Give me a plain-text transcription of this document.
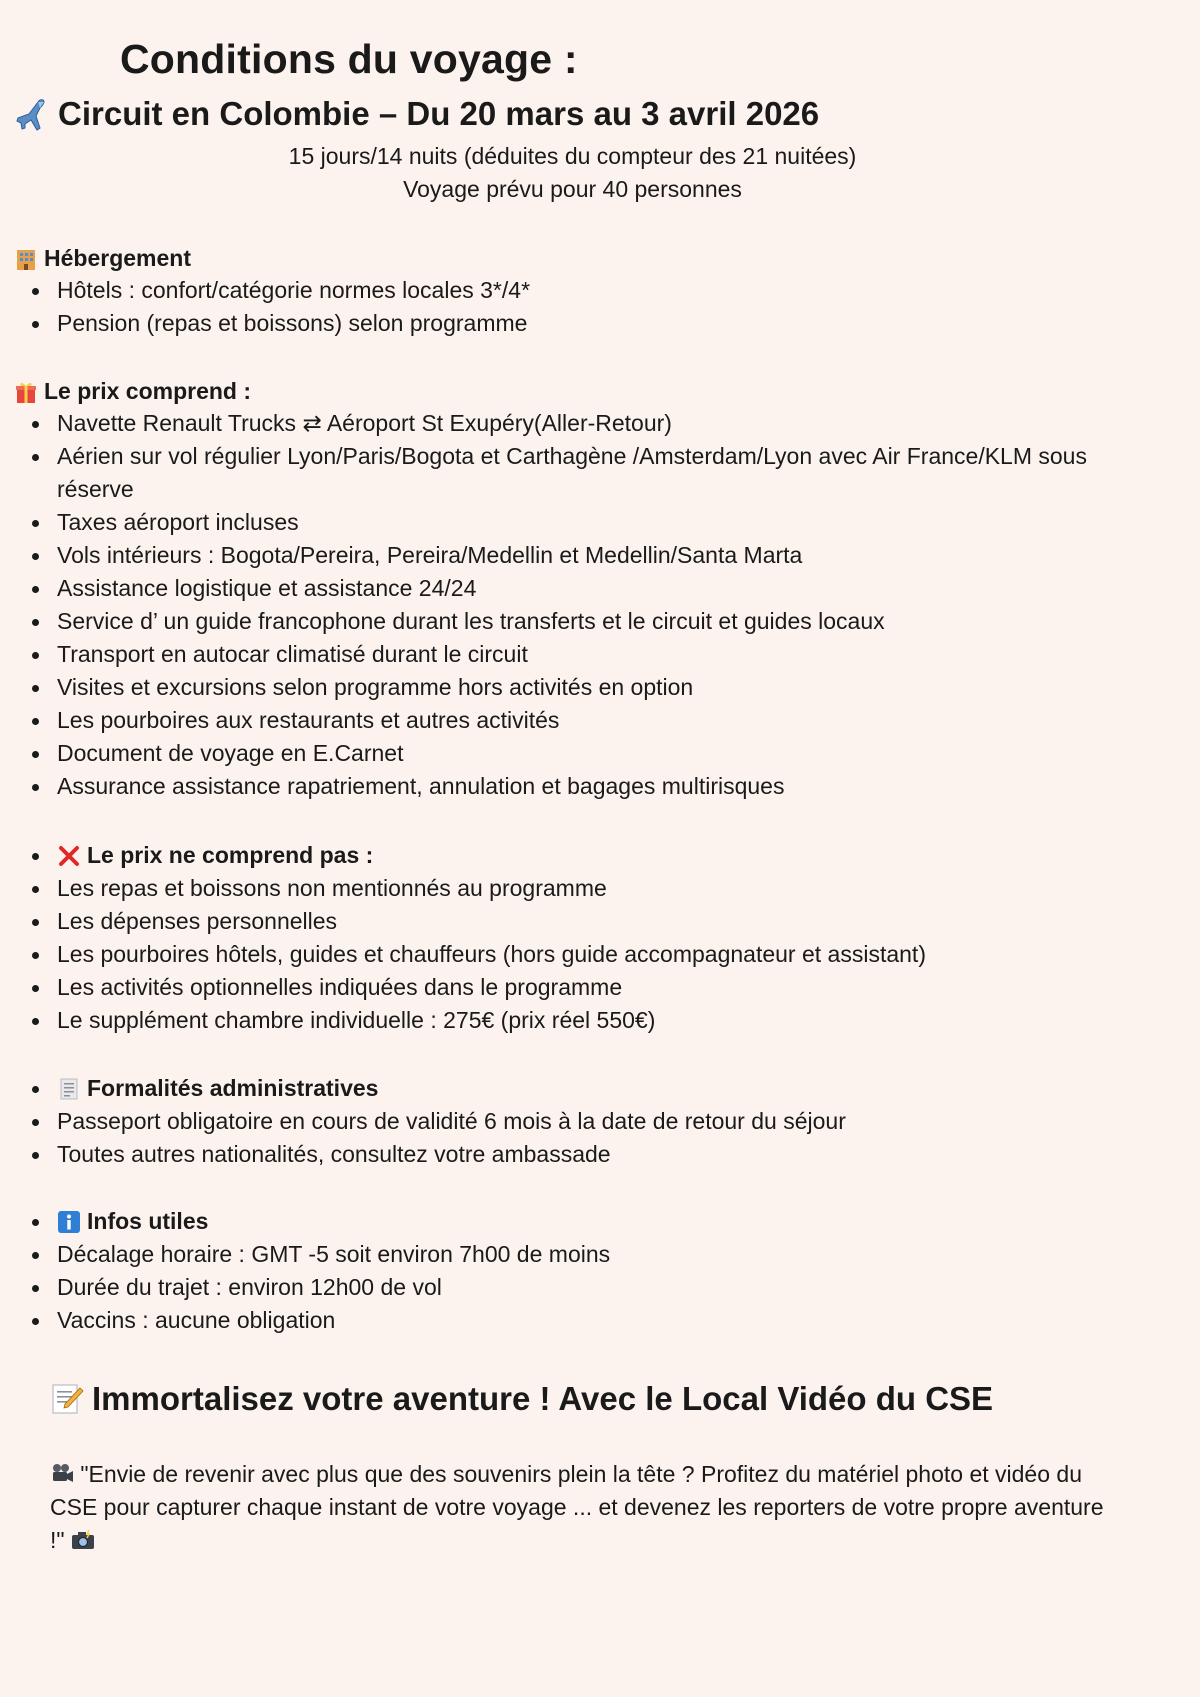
Conditions du voyage :
Circuit en Colombie – Du 20 mars au 3 avril 2026

15 jours/14 nuits (déduites du compteur des 21 nuitées)

Voyage prévu pour 40 personnes

Hébergement
Hôtels : confort/catégorie normes locales 3*/4*
Pension (repas et boissons) selon programme
Le prix comprend :
Navette Renault Trucks ⇄ Aéroport St Exupéry(Aller-Retour)
Aérien sur vol régulier Lyon/Paris/Bogota et Carthagène /Amsterdam/Lyon avec Air France/KLM sous réserve
Taxes aéroport incluses
Vols intérieurs : Bogota/Pereira, Pereira/Medellin et Medellin/Santa Marta
Assistance logistique et assistance 24/24
Service d’ un guide francophone durant les transferts et le circuit et guides locaux
Transport en autocar climatisé durant le circuit
Visites et excursions selon programme hors activités en option
Les pourboires aux restaurants et autres activités
Document de voyage en E.Carnet
Assurance assistance rapatriement, annulation et bagages multirisques
Le prix ne comprend pas :
Les repas et boissons non mentionnés au programme
Les dépenses personnelles
Les pourboires hôtels, guides et chauffeurs (hors guide accompagnateur et assistant)
Les activités optionnelles indiquées dans le programme
Le supplément chambre individuelle : 275€ (prix réel 550€)
Formalités administratives
Passeport obligatoire en cours de validité 6 mois à la date de retour du séjour
Toutes autres nationalités, consultez votre ambassade
Infos utiles
Décalage horaire : GMT -5 soit environ 7h00 de moins
Durée du trajet : environ 12h00 de vol
Vaccins : aucune obligation
Immortalisez votre aventure ! Avec le Local Vidéo du CSE

"Envie de revenir avec plus que des souvenirs plein la tête ? Profitez du matériel photo et vidéo du CSE pour capturer chaque instant de votre voyage ... et devenez les reporters de votre propre aventure !"
